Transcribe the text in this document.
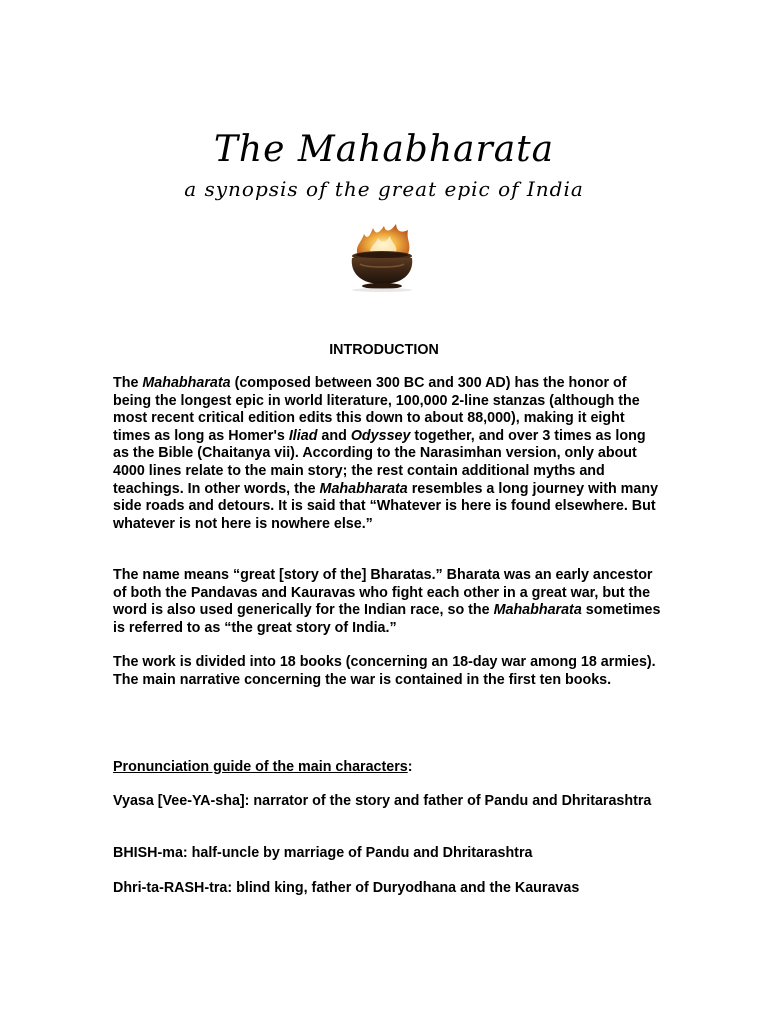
The Mahabharata
a synopsis of the great epic of India
INTRODUCTION
The Mahabharata (composed between 300 BC and 300 AD) has the honor of being the longest epic in world literature, 100,000 2-line stanzas (although the most recent critical edition edits this down to about 88,000), making it eight times as long as Homer's Iliad and Odyssey together, and over 3 times as long as the Bible (Chaitanya vii). According to the Narasimhan version, only about 4000 lines relate to the main story; the rest contain additional myths and teachings. In other words, the Mahabharata resembles a long journey with many side roads and detours. It is said that “Whatever is here is found elsewhere. But whatever is not here is nowhere else.”
The name means “great [story of the] Bharatas.” Bharata was an early ancestor of both the Pandavas and Kauravas who fight each other in a great war, but the word is also used generically for the Indian race, so the Mahabharata sometimes is referred to as “the great story of India.”
The work is divided into 18 books (concerning an 18-day war among 18 armies). The main narrative concerning the war is contained in the first ten books.
Pronunciation guide of the main characters:
Vyasa [Vee-YA-sha]: narrator of the story and father of Pandu and Dhritarashtra
BHISH-ma: half-uncle by marriage of Pandu and Dhritarashtra
Dhri-ta-RASH-tra: blind king, father of Duryodhana and the Kauravas
